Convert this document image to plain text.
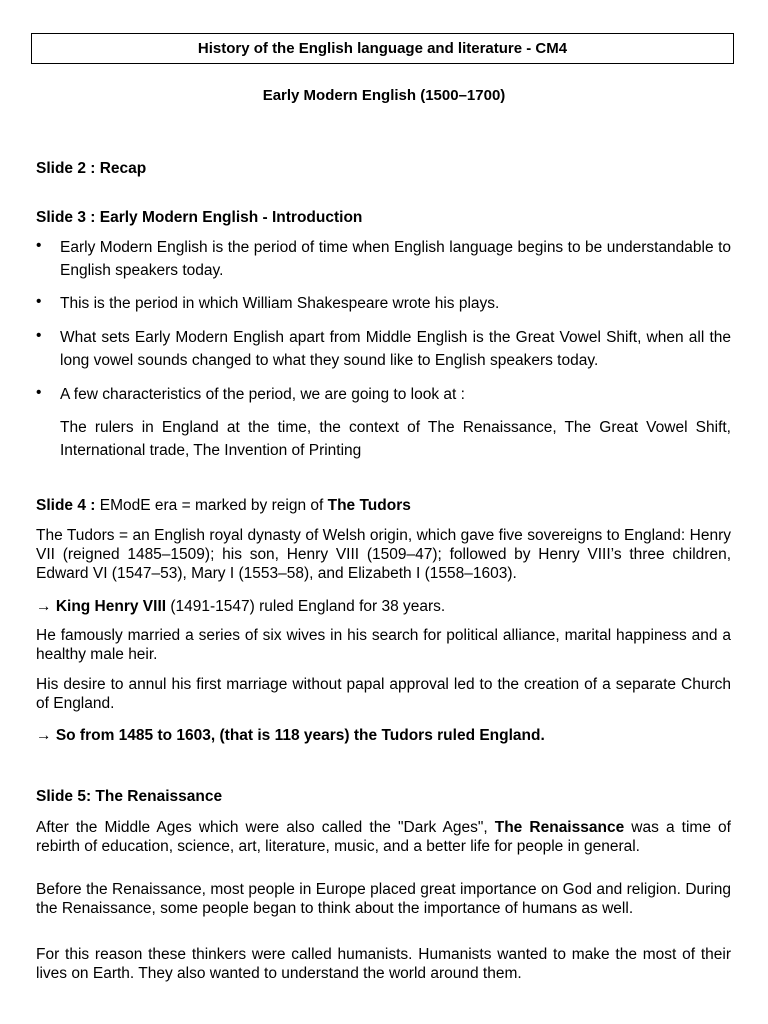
History of the English language and literature - CM4
Early Modern English (1500–1700)
Slide 2 : Recap
Slide 3 : Early Modern English - Introduction
•	Early Modern English is the period of time when English language begins to be understandable to English speakers today.
•	This is the period in which William Shakespeare wrote his plays.
•	What sets Early Modern English apart from Middle English is the Great Vowel Shift, when all the long vowel sounds changed to what they sound like to English speakers today.
•	A few characteristics of the period, we are going to look at :
The rulers in England at the time, the context of The Renaissance, The Great Vowel Shift, International trade, The Invention of Printing
Slide 4 : EModE era = marked by reign of The Tudors
The Tudors = an English royal dynasty of Welsh origin, which gave five sovereigns to England: Henry VII (reigned 1485–1509); his son, Henry VIII (1509–47); followed by Henry VIII’s three children, Edward VI (1547–53), Mary I (1553–58), and Elizabeth I (1558–1603).
→ King Henry VIII (1491-1547) ruled England for 38 years.
He famously married a series of six wives in his search for political alliance, marital happiness and a healthy male heir.
His desire to annul his first marriage without papal approval led to the creation of a separate Church of England.
→ So from 1485 to 1603, (that is 118 years) the Tudors ruled England.
Slide 5: The Renaissance
After the Middle Ages which were also called the "Dark Ages", The Renaissance was a time of rebirth of education, science, art, literature, music, and a better life for people in general.
Before the Renaissance, most people in Europe placed great importance on God and religion. During the Renaissance, some people began to think about the importance of humans as well.
For this reason these thinkers were called humanists. Humanists wanted to make the most of their lives on Earth. They also wanted to understand the world around them.
